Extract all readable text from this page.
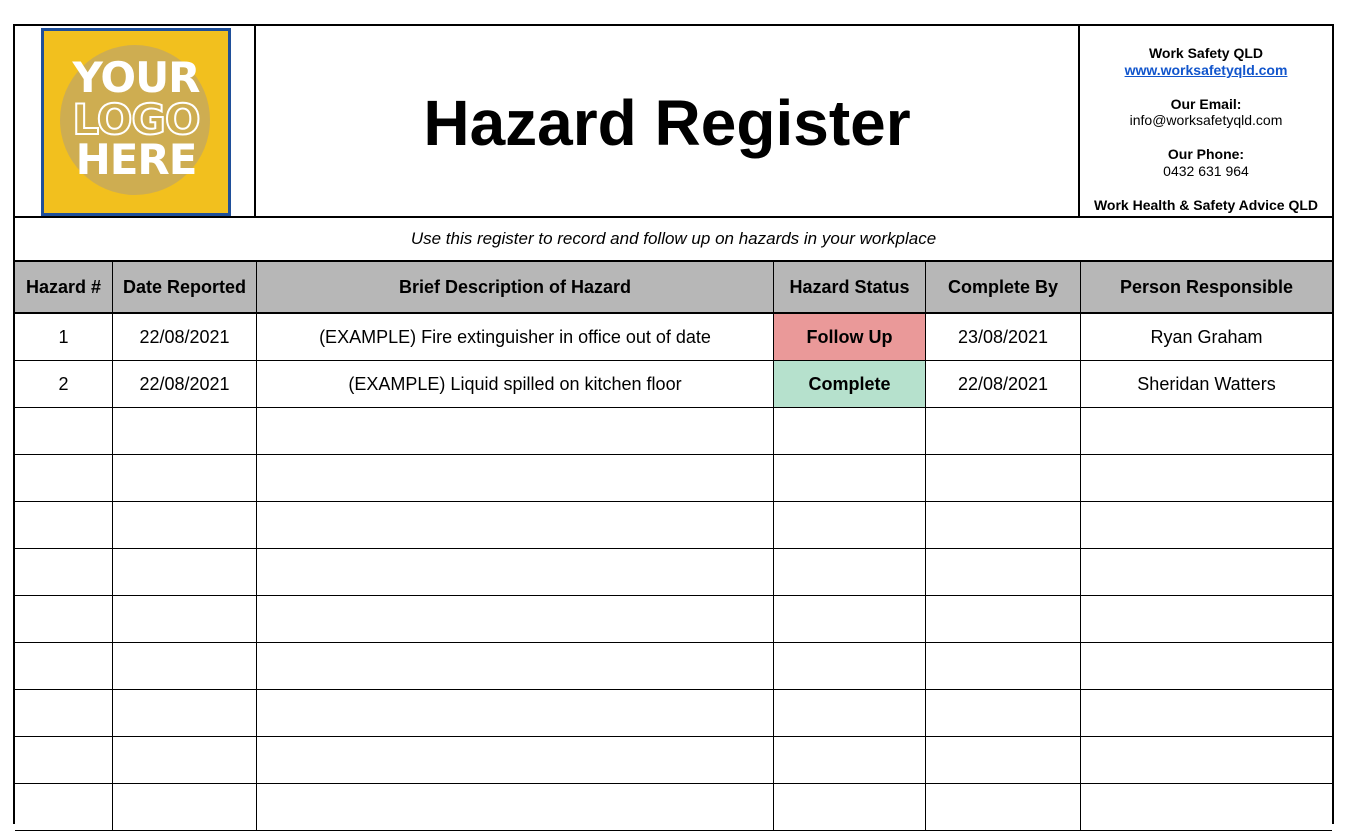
YOUR
LOGO
HERE
Hazard Register
Work Safety QLD
www.worksafetyqld.com
Our Email:
info@worksafetyqld.com
Our Phone:
0432 631 964
Work Health & Safety Advice QLD
Use this register to record and follow up on hazards in your workplace
Hazard #	Date Reported	Brief Description of Hazard	Hazard Status	Complete By	Person Responsible
1	22/08/2021	(EXAMPLE) Fire extinguisher in office out of date	Follow Up	23/08/2021	Ryan Graham
2	22/08/2021	(EXAMPLE) Liquid spilled on kitchen floor	Complete	22/08/2021	Sheridan Watters
